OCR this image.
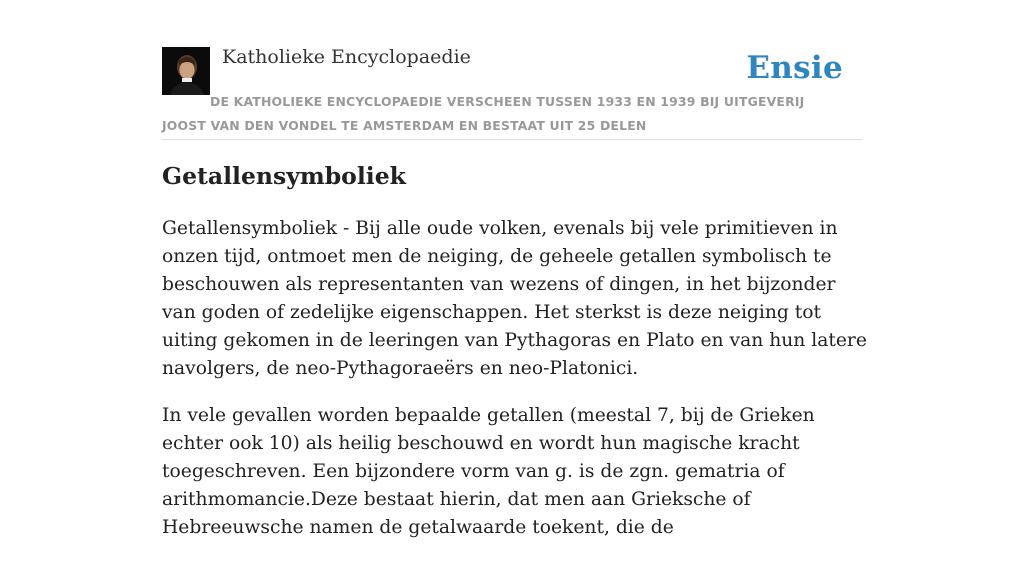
Katholieke Encyclopaedie	Ensie
DE KATHOLIEKE ENCYCLOPAEDIE VERSCHEEN TUSSEN 1933 EN 1939 BIJ UITGEVERIJ JOOST VAN DEN VONDEL TE AMSTERDAM EN BESTAAT UIT 25 DELEN
Getallensymboliek

Getallensymboliek - Bij alle oude volken, evenals bij vele primitieven in onzen tijd, ontmoet men de neiging, de geheele getallen symbolisch te beschouwen als representanten van wezens of dingen, in het bijzonder van goden of zedelijke eigenschappen. Het sterkst is deze neiging tot uiting gekomen in de leeringen van Pythagoras en Plato en van hun latere navolgers, de neo-Pythagoraeërs en neo-Platonici.

In vele gevallen worden bepaalde getallen (meestal 7, bij de Grieken echter ook 10) als heilig beschouwd en wordt hun magische kracht toegeschreven. Een bijzondere vorm van g. is de zgn. gematria of arithmomancie.Deze bestaat hierin, dat men aan Grieksche of Hebreeuwsche namen de getalwaarde toekent, die de
